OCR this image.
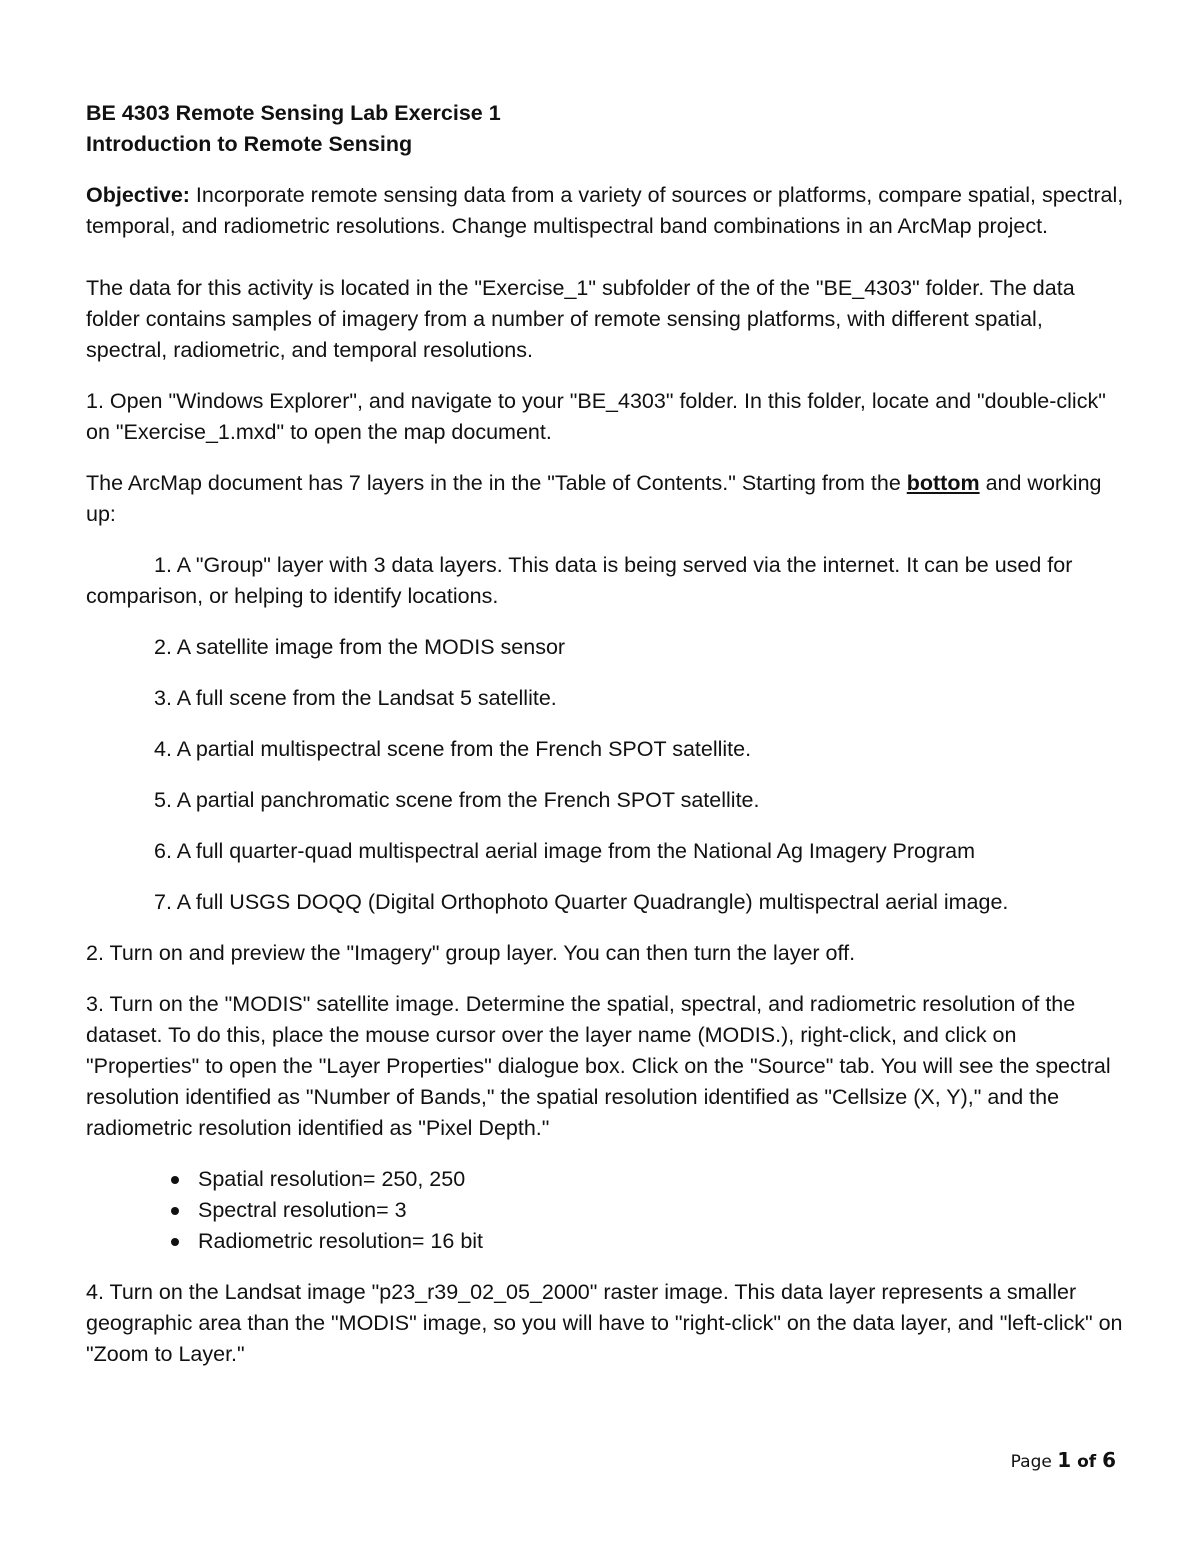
BE 4303 Remote Sensing Lab Exercise 1

Introduction to Remote Sensing

Objective: Incorporate remote sensing data from a variety of sources or platforms, compare spatial, spectral, temporal, and radiometric resolutions. Change multispectral band combinations in an ArcMap project.

The data for this activity is located in the "Exercise_1" subfolder of the of the "BE_4303" folder. The data folder contains samples of imagery from a number of remote sensing platforms, with different spatial, spectral, radiometric, and temporal resolutions.

1. Open "Windows Explorer", and navigate to your "BE_4303" folder. In this folder, locate and "double-click" on "Exercise_1.mxd" to open the map document.

The ArcMap document has 7 layers in the in the "Table of Contents." Starting from the bottom and working up:

1. A "Group" layer with 3 data layers. This data is being served via the internet. It can be used for comparison, or helping to identify locations.

2. A satellite image from the MODIS sensor

3. A full scene from the Landsat 5 satellite.

4. A partial multispectral scene from the French SPOT satellite.

5. A partial panchromatic scene from the French SPOT satellite.

6. A full quarter-quad multispectral aerial image from the National Ag Imagery Program

7. A full USGS DOQQ (Digital Orthophoto Quarter Quadrangle) multispectral aerial image.

2. Turn on and preview the "Imagery" group layer. You can then turn the layer off.

3. Turn on the "MODIS" satellite image. Determine the spatial, spectral, and radiometric resolution of the dataset. To do this, place the mouse cursor over the layer name (MODIS.), right-click, and click on "Properties" to open the "Layer Properties" dialogue box. Click on the "Source" tab. You will see the spectral resolution identified as "Number of Bands," the spatial resolution identified as "Cellsize (X, Y)," and the radiometric resolution identified as "Pixel Depth."

Spatial resolution= 250, 250
Spectral resolution= 3
Radiometric resolution= 16 bit

4. Turn on the Landsat image "p23_r39_02_05_2000" raster image. This data layer represents a smaller geographic area than the "MODIS" image, so you will have to "right-click" on the data layer, and "left-click" on "Zoom to Layer."

Page 1 of 6
